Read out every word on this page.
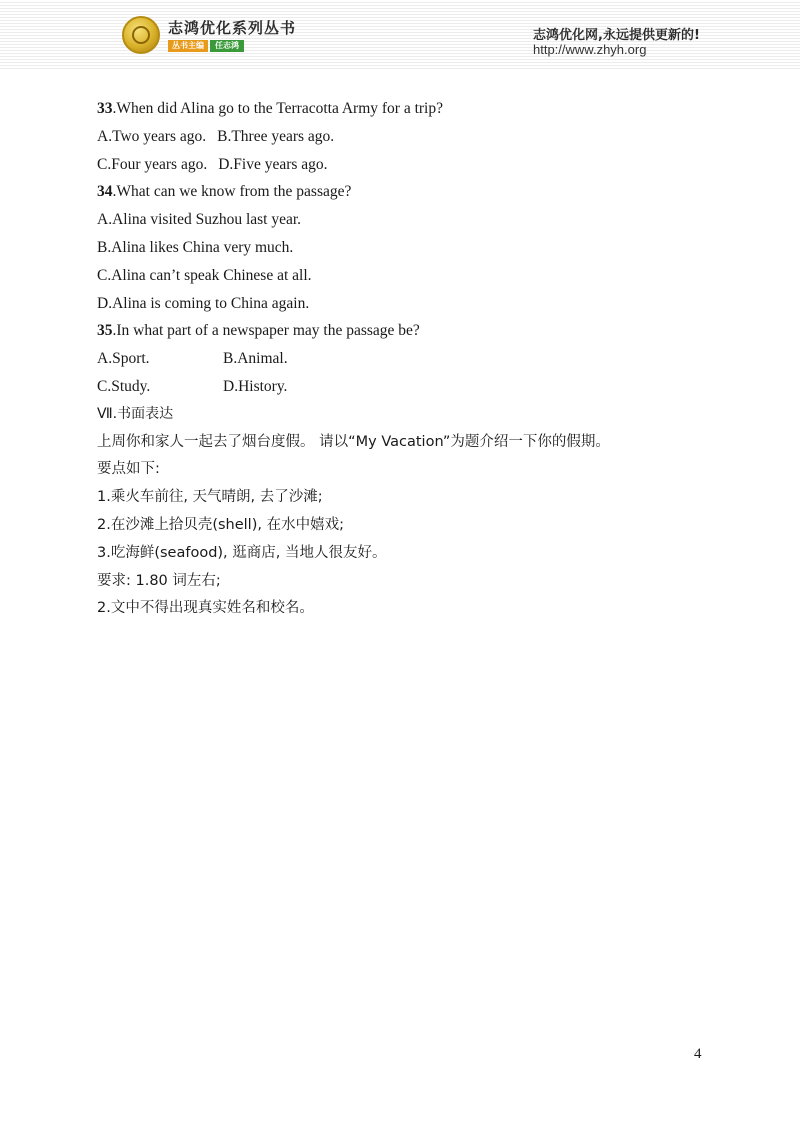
志鸿优化系列丛书
丛书主编	任志鸿
志鸿优化网,永远提供更新的!
http://www.zhyh.org
33.When did Alina go to the Terracotta Army for a trip?
A.Two years ago. B.Three years ago.
C.Four years ago. D.Five years ago.
34.What can we know from the passage?
A.Alina visited Suzhou last year.
B.Alina likes China very much.
C.Alina can’t speak Chinese at all.
D.Alina is coming to China again.
35.In what part of a newspaper may the passage be?
A.Sport.	B.Animal.
C.Study.	D.History.
Ⅶ.书面表达
上周你和家人一起去了烟台度假。 请以“My Vacation”为题介绍一下你的假期。
要点如下:
1.乘火车前往, 天气晴朗, 去了沙滩;
2.在沙滩上拾贝壳(shell), 在水中嬉戏;
3.吃海鲜(seafood), 逛商店, 当地人很友好。
要求: 1.80 词左右;
2.文中不得出现真实姓名和校名。
4
